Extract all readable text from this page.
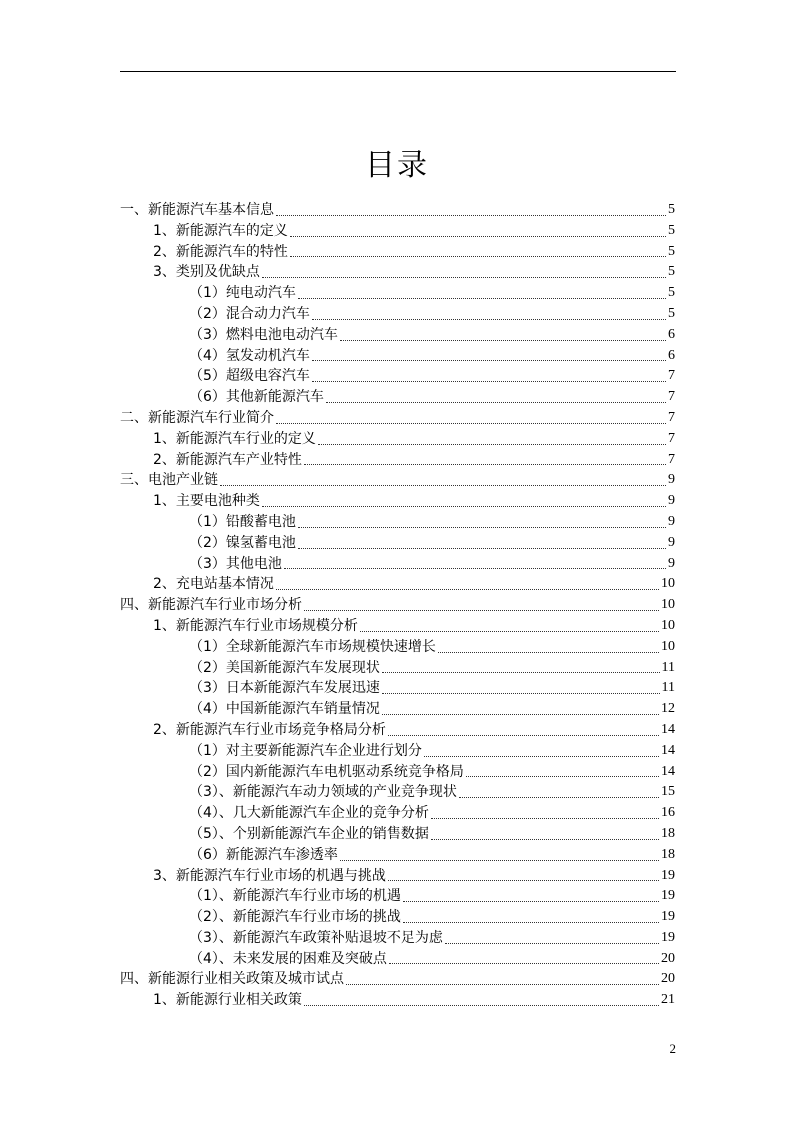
目录
一、新能源汽车基本信息	5
1、新能源汽车的定义	5
2、新能源汽车的特性	5
3、类别及优缺点	5
（1）纯电动汽车	5
（2）混合动力汽车	5
（3）燃料电池电动汽车	6
（4）氢发动机汽车	6
（5）超级电容汽车	7
（6）其他新能源汽车	7
二、新能源汽车行业简介	7
1、新能源汽车行业的定义	7
2、新能源汽车产业特性	7
三、电池产业链	9
1、主要电池种类	9
（1）铅酸蓄电池	9
（2）镍氢蓄电池	9
（3）其他电池	9
2、充电站基本情况	10
四、新能源汽车行业市场分析	10
1、新能源汽车行业市场规模分析	10
（1）全球新能源汽车市场规模快速增长	10
（2）美国新能源汽车发展现状	11
（3）日本新能源汽车发展迅速	11
（4）中国新能源汽车销量情况	12
2、新能源汽车行业市场竞争格局分析	14
（1）对主要新能源汽车企业进行划分	14
（2）国内新能源汽车电机驱动系统竞争格局	14
（3）、新能源汽车动力领域的产业竞争现状	15
（4）、几大新能源汽车企业的竞争分析	16
（5）、个别新能源汽车企业的销售数据	18
（6）新能源汽车渗透率	18
3、新能源汽车行业市场的机遇与挑战	19
（1）、新能源汽车行业市场的机遇	19
（2）、新能源汽车行业市场的挑战	19
（3）、新能源汽车政策补贴退坡不足为虑	19
（4）、未来发展的困难及突破点	20
四、新能源行业相关政策及城市试点	20
1、新能源行业相关政策	21
2
